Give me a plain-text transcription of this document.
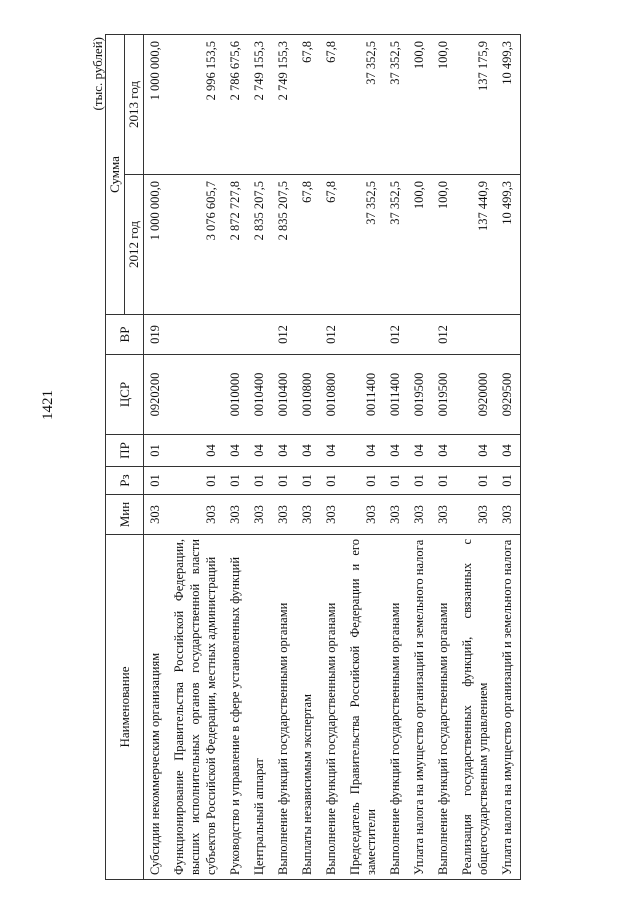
1421
(тыс. рублей)
Наименование	Мин	Рз	ПР	ЦСР	ВР	Сумма	
						2012 год	2013 год
Субсидии некоммерческим организациям	303	01	01	0920200	019	1 000 000,0	1 000 000,0
Функционирование Правительства Российской Федерации, высших исполнительных органов государственной власти субъектов Российской Федерации, местных администраций	303	01	04			3 076 605,7	2 996 153,5
Руководство и управление в сфере установленных функций	303	01	04	0010000		2 872 727,8	2 786 675,6
Центральный аппарат	303	01	04	0010400		2 835 207,5	2 749 155,3
Выполнение функций государственными органами	303	01	04	0010400	012	2 835 207,5	2 749 155,3
Выплаты независимым экспертам	303	01	04	0010800		67,8	67,8
Выполнение функций государственными органами	303	01	04	0010800	012	67,8	67,8
Председатель Правительства Российской Федерации и его заместители	303	01	04	0011400		37 352,5	37 352,5
Выполнение функций государственными органами	303	01	04	0011400	012	37 352,5	37 352,5
Уплата налога на имущество организаций и земельного налога	303	01	04	0019500		100,0	100,0
Выполнение функций государственными органами	303	01	04	0019500	012	100,0	100,0
Реализация государственных функций, связанных с общегосударственным управлением	303	01	04	0920000		137 440,9	137 175,9
Уплата налога на имущество организаций и земельного налога	303	01	04	0929500		10 499,3	10 499,3
